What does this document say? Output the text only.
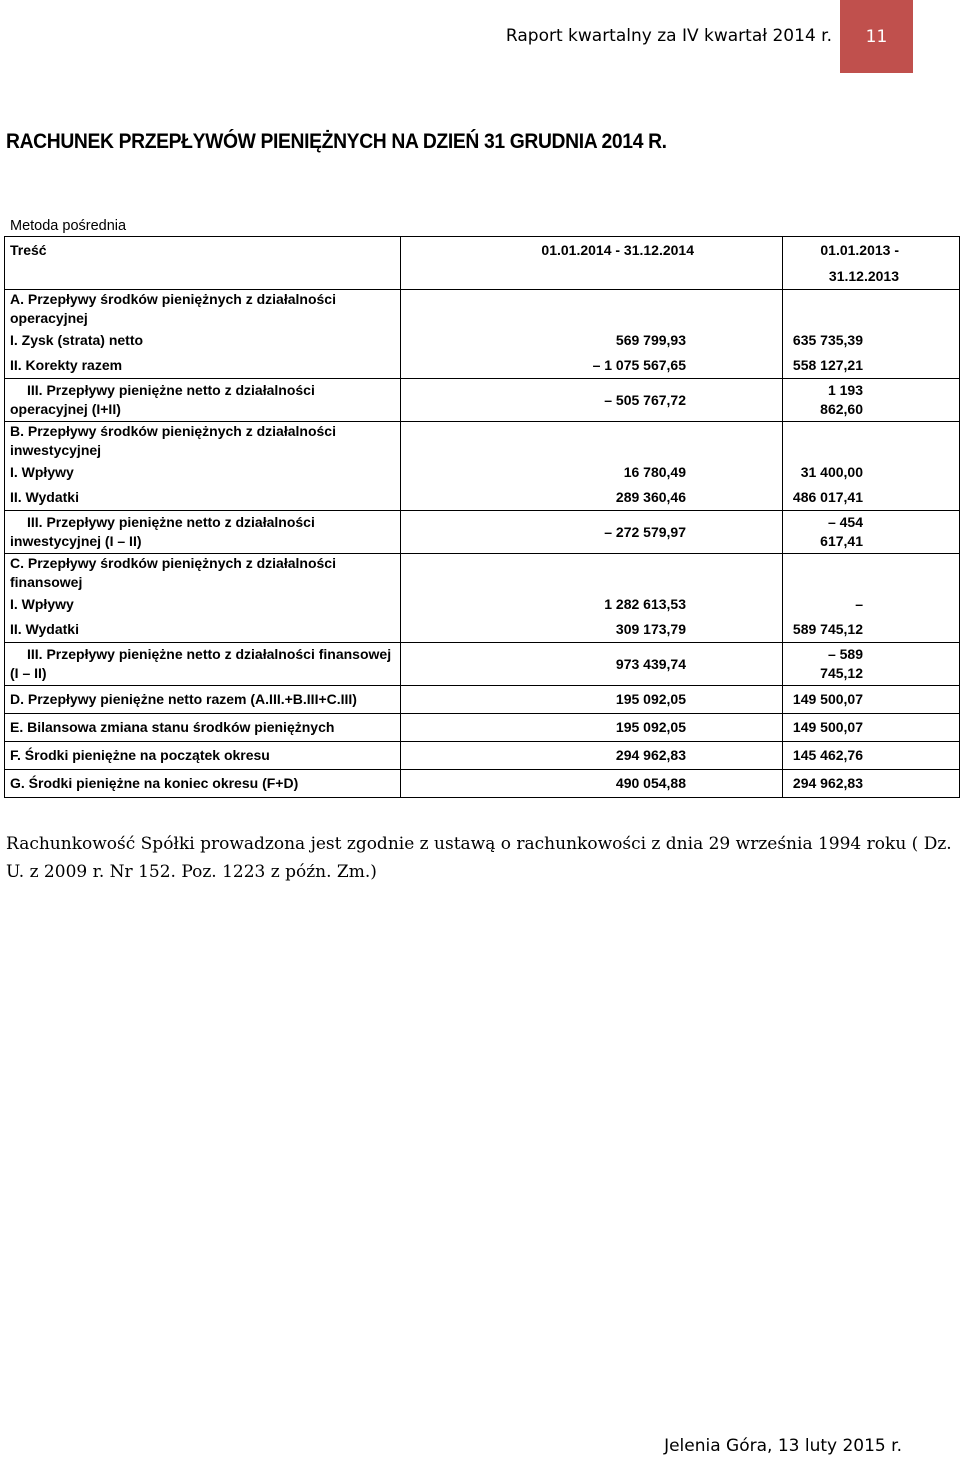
Raport kwartalny za IV kwartał 2014 r. 11
RACHUNEK PRZEPŁYWÓW PIENIĘŻNYCH NA DZIEŃ 31 GRUDNIA 2014 R.
Metoda pośrednia
Treść	01.01.2014 - 31.12.2014	01.01.2013 - 31.12.2013

A. Przepływy środków pieniężnych z działalności operacyjnej		

I. Zysk (strata) netto	569 799,93	635 735,39

II. Korekty razem	– 1 075 567,65	558 127,21

III. Przepływy pieniężne netto z działalności operacyjnej (I+II)	– 505 767,72	1 193 862,60

B. Przepływy środków pieniężnych z działalności inwestycyjnej		

I. Wpływy	16 780,49	31 400,00

II. Wydatki	289 360,46	486 017,41

III. Przepływy pieniężne netto z działalności inwestycyjnej (I – II)	– 272 579,97	– 454 617,41

C. Przepływy środków pieniężnych z działalności finansowej		

I. Wpływy	1 282 613,53	–

II. Wydatki	309 173,79	589 745,12

III. Przepływy pieniężne netto z działalności finansowej (I – II)	973 439,74	– 589 745,12
D. Przepływy pieniężne netto razem (A.III.+B.III+C.III)	195 092,05	149 500,07
E. Bilansowa zmiana stanu środków pieniężnych	195 092,05	149 500,07
F. Środki pieniężne na początek okresu	294 962,83	145 462,76
G. Środki pieniężne na koniec okresu (F+D)	490 054,88	294 962,83
Rachunkowość Spółki prowadzona jest zgodnie z ustawą o rachunkowości z dnia 29 września 1994 roku ( Dz. U. z 2009 r. Nr 152. Poz. 1223 z późn. Zm.)
Jelenia Góra, 13 luty 2015 r.
